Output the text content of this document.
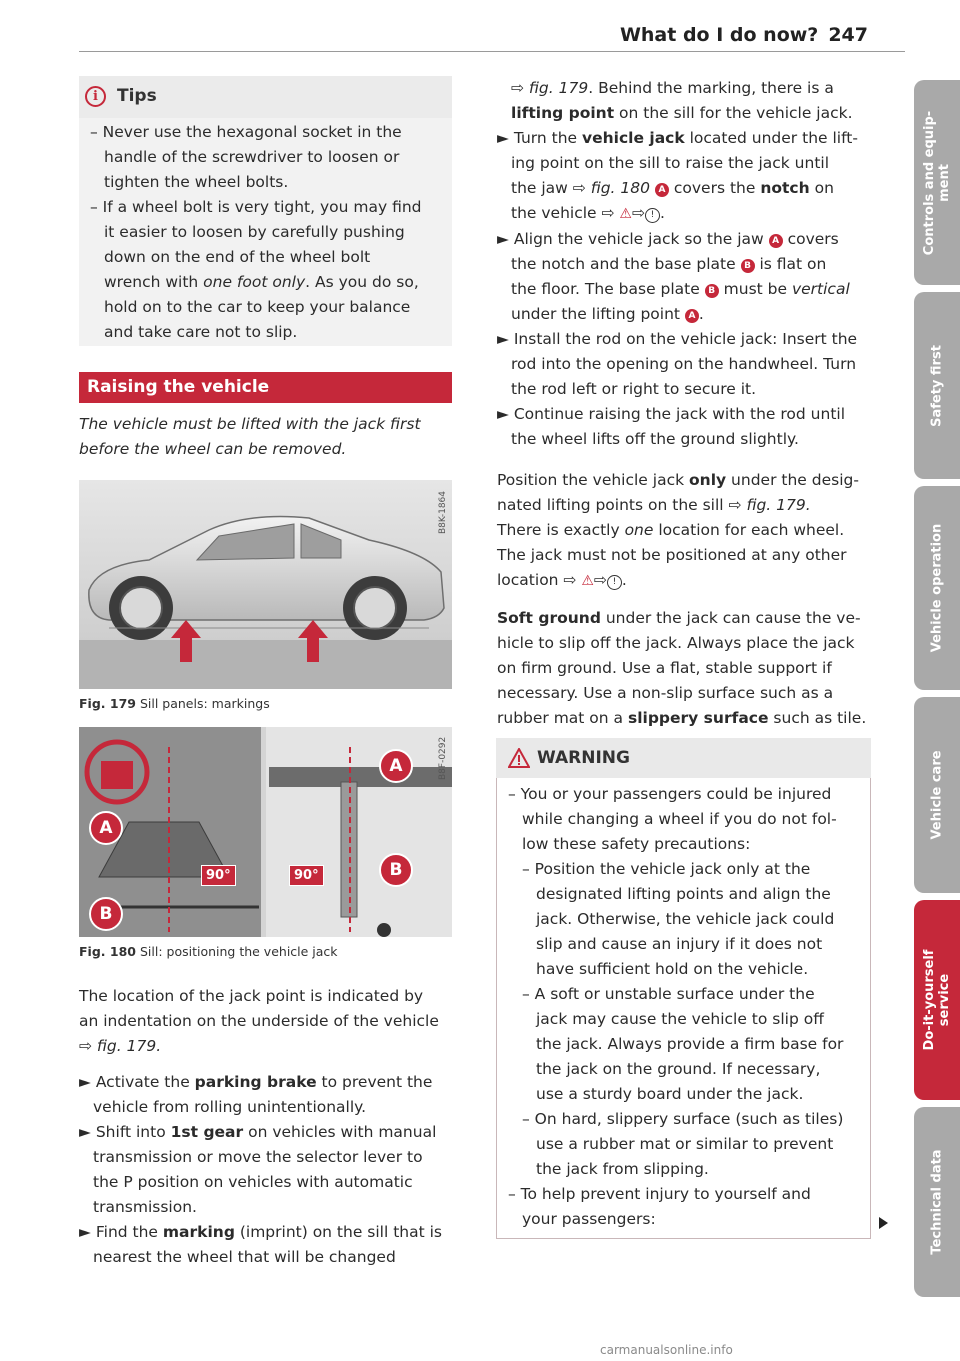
What do I do now? 247
i	Tips
– Never use the hexagonal socket in the
handle of the screwdriver to loosen or
tighten the wheel bolts.
– If a wheel bolt is very tight, you may find
it easier to loosen by carefully pushing
down on the end of the wheel bolt
wrench with one foot only. As you do so,
hold on to the car to keep your balance
and take care not to slip.
Raising the vehicle
The vehicle must be lifted with the jack first
before the wheel can be removed.
B8K-1864
Fig. 179 Sill panels: markings
A
B
A
B
90°	90°
B8F-0292
Fig. 180 Sill: positioning the vehicle jack
The location of the jack point is indicated by
an indentation on the underside of the vehicle
⇨ fig. 179.
► Activate the parking brake to prevent the
vehicle from rolling unintentionally.
► Shift into 1st gear on vehicles with manual
transmission or move the selector lever to
the P position on vehicles with automatic
transmission.
► Find the marking (imprint) on the sill that is
nearest the wheel that will be changed
⇨ fig. 179. Behind the marking, there is a
lifting point on the sill for the vehicle jack.
► Turn the vehicle jack located under the lift-
ing point on the sill to raise the jack until
the jaw ⇨ fig. 180 A covers the notch on
the vehicle ⇨ ⚠⇨ ! .
► Align the vehicle jack so the jaw A covers
the notch and the base plate B is flat on
the floor. The base plate B must be vertical
under the lifting point A .
► Install the rod on the vehicle jack: Insert the
rod into the opening on the handwheel. Turn
the rod left or right to secure it.
► Continue raising the jack with the rod until
the wheel lifts off the ground slightly.
Position the vehicle jack only under the desig-
nated lifting points on the sill ⇨ fig. 179.
There is exactly one location for each wheel.
The jack must not be positioned at any other
location ⇨ ⚠⇨ ! .
Soft ground under the jack can cause the ve-
hicle to slip off the jack. Always place the jack
on firm ground. Use a flat, stable support if
necessary. Use a non-slip surface such as a
rubber mat on a slippery surface such as tile.
WARNING
– You or your passengers could be injured
while changing a wheel if you do not fol-
low these safety precautions:
– Position the vehicle jack only at the
designated lifting points and align the
jack. Otherwise, the vehicle jack could
slip and cause an injury if it does not
have sufficient hold on the vehicle.
– A soft or unstable surface under the
jack may cause the vehicle to slip off
the jack. Always provide a firm base for
the jack on the ground. If necessary,
use a sturdy board under the jack.
– On hard, slippery surface (such as tiles)
use a rubber mat or similar to prevent
the jack from slipping.
– To help prevent injury to yourself and
your passengers:
Controls and equip-
ment
Safety first
Vehicle operation
Vehicle care
Do-it-yourself
service
Technical data
carmanualsonline.info
